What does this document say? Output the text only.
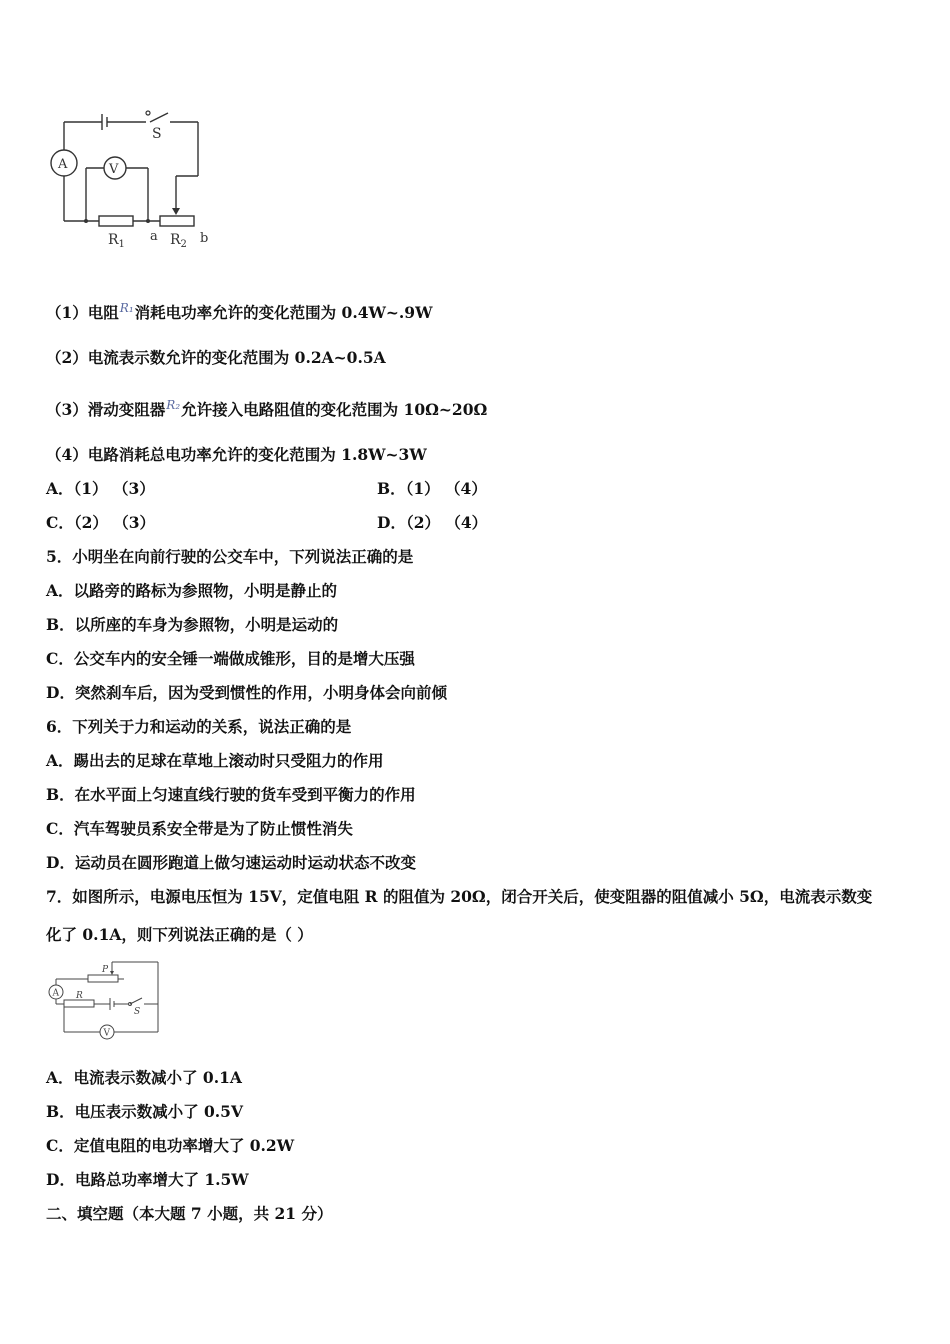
S
A	V
$R_1$
a $R_2$ b
（1）电阻$^{R_1}$消耗电功率允许的变化范围为 0.4W~.9W
（2）电流表示数允许的变化范围为 0.2A~0.5A
（3）滑动变阻器$^{R_2}$允许接入电路阻值的变化范围为 10Ω~20Ω
（4）电路消耗总电功率允许的变化范围为 1.8W~3W
A．（1） （3）	B．（1） （4）
C．（2） （3）	D．（2） （4）
5．小明坐在向前行驶的公交车中，下列说法正确的是
A．以路旁的路标为参照物，小明是静止的
B．以所座的车身为参照物，小明是运动的
C．公交车内的安全锤一端做成锥形，目的是增大压强
D．突然刹车后，因为受到惯性的作用，小明身体会向前倾
6．下列关于力和运动的关系，说法正确的是
A．踢出去的足球在草地上滚动时只受阻力的作用
B．在水平面上匀速直线行驶的货车受到平衡力的作用
C．汽车驾驶员系安全带是为了防止惯性消失
D．运动员在圆形跑道上做匀速运动时运动状态不改变
7．如图所示，电源电压恒为 15V，定值电阻 R 的阻值为 20Ω，闭合开关后，使变阻器的阻值减小 5Ω，电流表示数变
化了 0.1A，则下列说法正确的是（ ）
P
R
S
A
V
A．电流表示数减小了 0.1A
B．电压表示数减小了 0.5V
C．定值电阻的电功率增大了 0.2W
D．电路总功率增大了 1.5W
二、填空题（本大题 7 小题，共 21 分）
